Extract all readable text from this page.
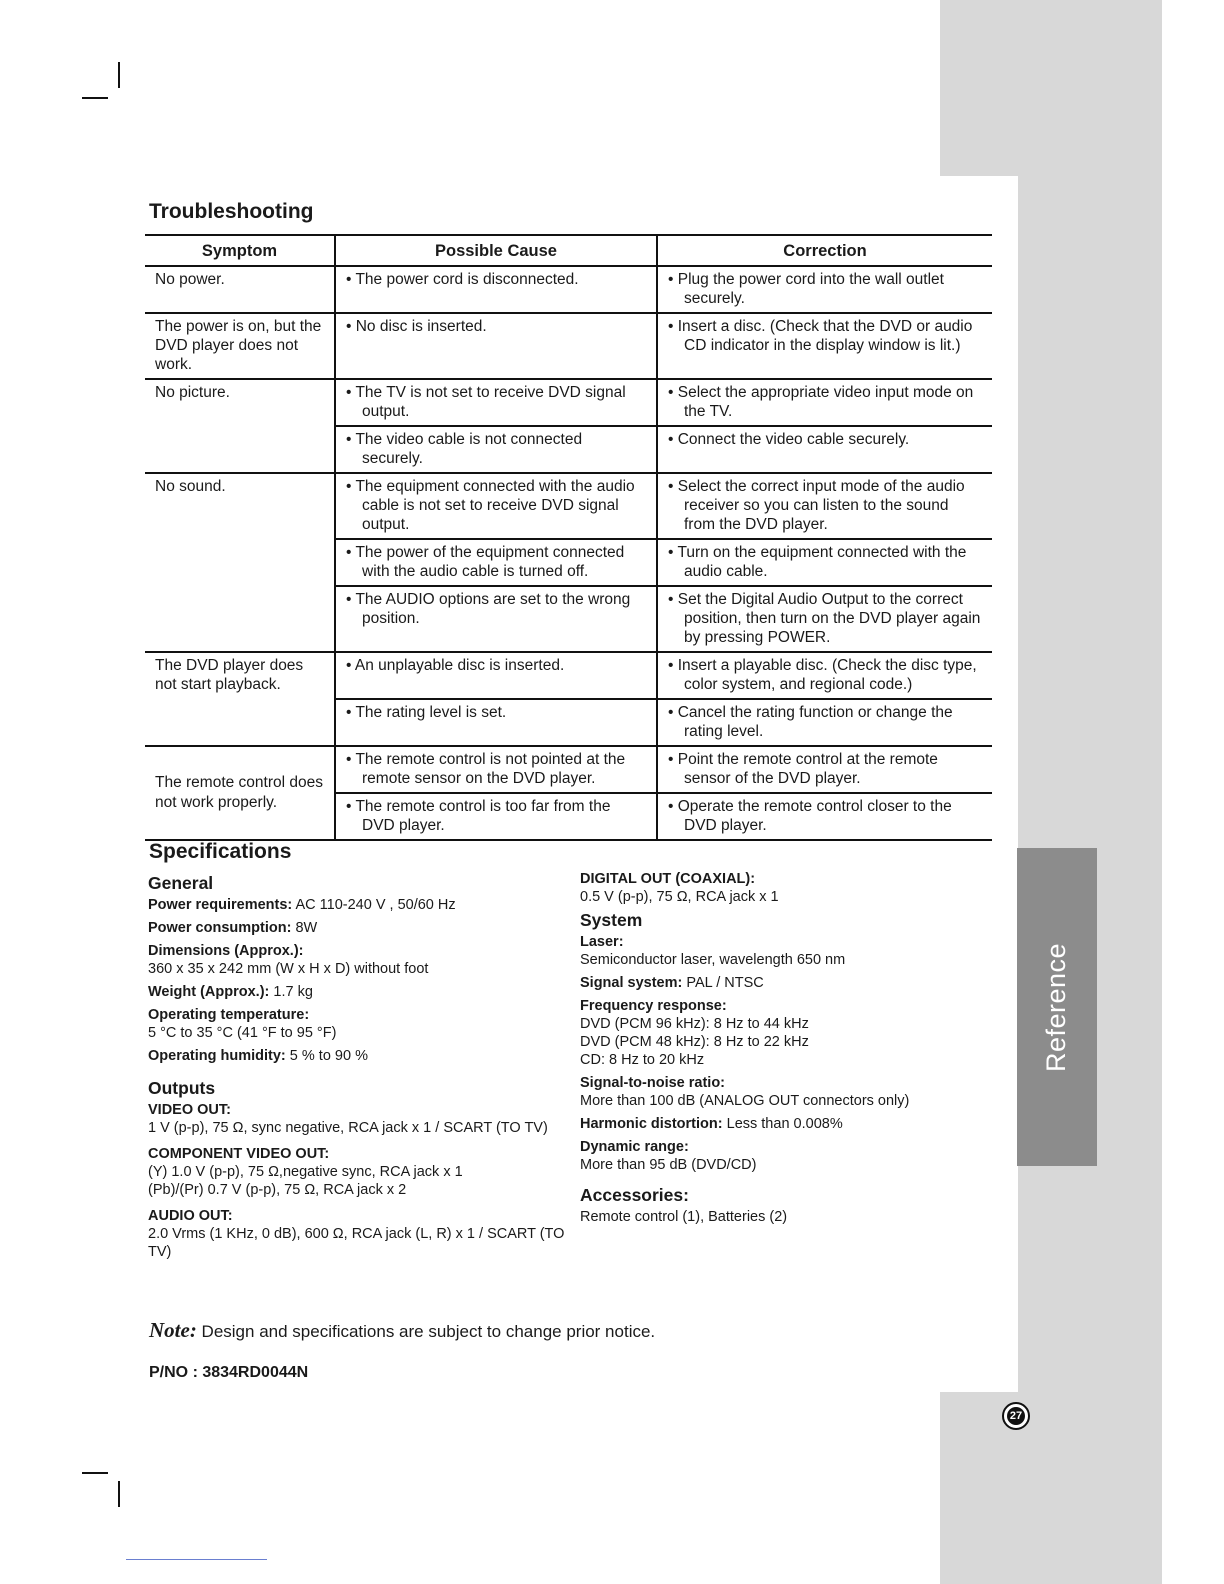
Reference
Troubleshooting
Symptom	Possible Cause	Correction
No power.	• The power cord is disconnected.	• Plug the power cord into the wall outlet securely.

The power is on, but the DVD player does not work.	• No disc is inserted.	• Insert a disc. (Check that the DVD or audio CD indicator in the display window is lit.)

No picture.	• The TV is not set to receive DVD signal output.	• Select the appropriate video input mode on the TV.

	• The video cable is not connected securely.	• Connect the video cable securely.

No sound.	• The equipment connected with the audio cable is not set to receive DVD signal output.	• Select the correct input mode of the audio receiver so you can listen to the sound from the DVD player.

	• The power of the equipment connected with the audio cable is turned off.	• Turn on the equipment connected with the audio cable.

	• The AUDIO options are set to the wrong position.	• Set the Digital Audio Output to the correct position, then turn on the DVD player again by pressing POWER.

The DVD player does not start playback.	• An unplayable disc is inserted.	• Insert a playable disc. (Check the disc type, color system, and regional code.)

	• The rating level is set.	• Cancel the rating function or change the rating level.

The remote control does not work properly.	• The remote control is not pointed at the remote sensor on the DVD player.	• Point the remote control at the remote sensor of the DVD player.

	• The remote control is too far from the DVD player.	• Operate the remote control closer to the DVD player.
Specifications
General
Power requirements: AC 110-240 V , 50/60 Hz
Power consumption: 8W
Dimensions (Approx.):
360 x 35 x 242 mm (W x H x D) without foot
Weight (Approx.): 1.7 kg
Operating temperature:
5 °C to 35 °C (41 °F to 95 °F)
Operating humidity: 5 % to 90 %
Outputs
VIDEO OUT:
1 V (p-p), 75 Ω, sync negative, RCA jack x 1 / SCART (TO TV)
COMPONENT VIDEO OUT:
(Y) 1.0 V (p-p), 75 Ω,negative sync, RCA jack x 1
(Pb)/(Pr) 0.7 V (p-p), 75 Ω, RCA jack x 2
AUDIO OUT:
2.0 Vrms (1 KHz, 0 dB), 600 Ω, RCA jack (L, R) x 1 / SCART (TO TV)
DIGITAL OUT (COAXIAL):
0.5 V (p-p), 75 Ω, RCA jack x 1
System
Laser:
Semiconductor laser, wavelength 650 nm
Signal system: PAL / NTSC
Frequency response:
DVD (PCM 96 kHz): 8 Hz to 44 kHz
DVD (PCM 48 kHz): 8 Hz to 22 kHz
CD: 8 Hz to 20 kHz
Signal-to-noise ratio:
More than 100 dB (ANALOG OUT connectors only)
Harmonic distortion: Less than 0.008%
Dynamic range:
More than 95 dB (DVD/CD)
Accessories:
Remote control (1), Batteries (2)
Note: Design and specifications are subject to change prior notice.
P/NO : 3834RD0044N
27
